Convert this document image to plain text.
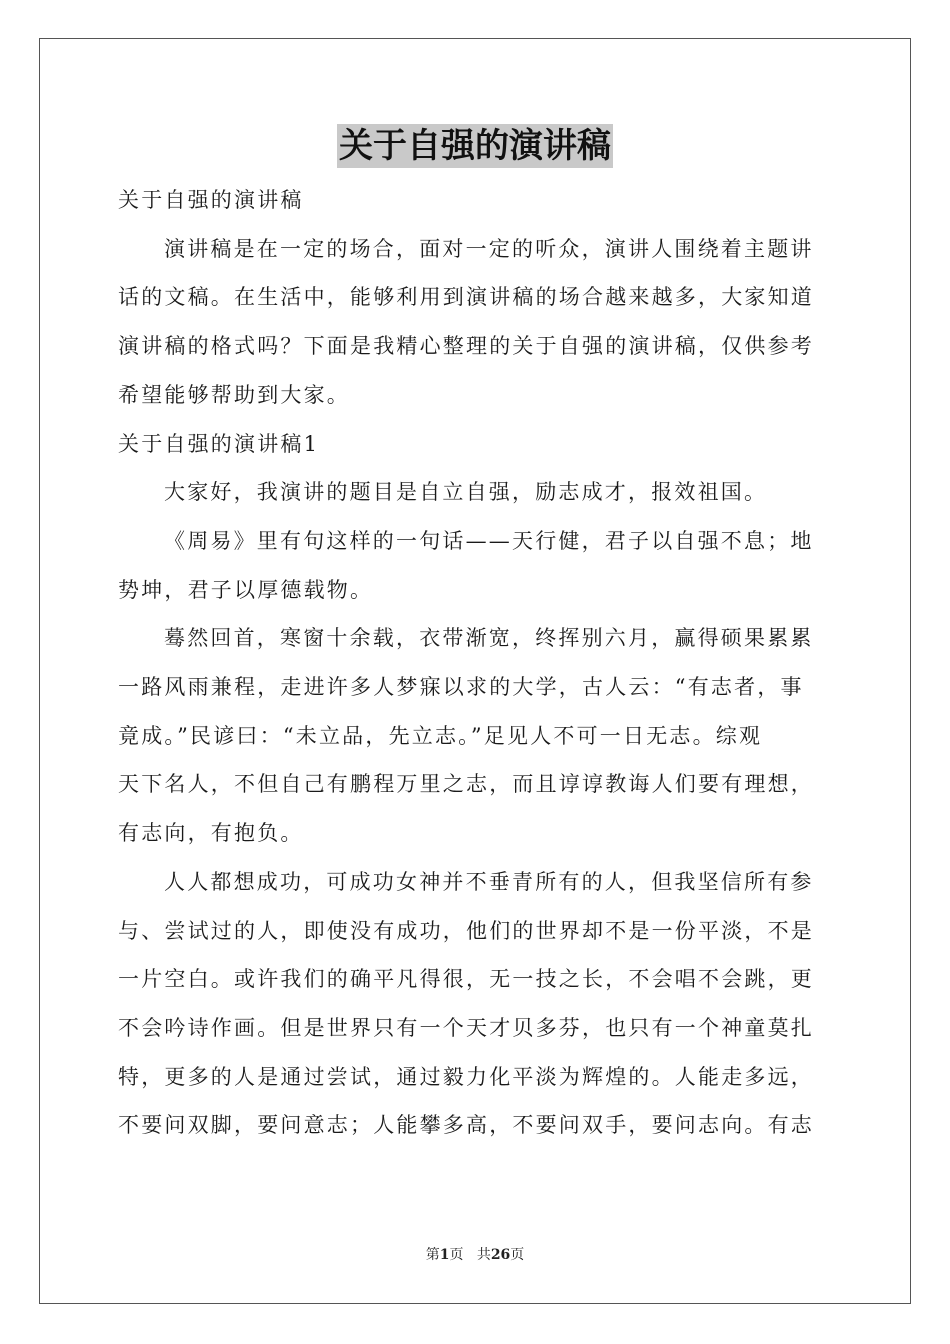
关于自强的演讲稿
关于自强的演讲稿
演讲稿是在一定的场合，面对一定的听众，演讲人围绕着主题讲
话的文稿。在生活中，能够利用到演讲稿的场合越来越多，大家知道
演讲稿的格式吗？下面是我精心整理的关于自强的演讲稿，仅供参考
希望能够帮助到大家。
关于自强的演讲稿1
大家好，我演讲的题目是自立自强，励志成才，报效祖国。
《周易》里有句这样的一句话——天行健，君子以自强不息；地
势坤，君子以厚德载物。
蓦然回首，寒窗十余载，衣带渐宽，终挥别六月，赢得硕果累累
一路风雨兼程，走进许多人梦寐以求的大学，古人云：“有志者，事
竟成。”民谚曰：“未立品，先立志。”足见人不可一日无志。综观
天下名人，不但自己有鹏程万里之志，而且谆谆教诲人们要有理想，
有志向，有抱负。
人人都想成功，可成功女神并不垂青所有的人，但我坚信所有参
与、尝试过的人，即使没有成功，他们的世界却不是一份平淡，不是
一片空白。或许我们的确平凡得很，无一技之长，不会唱不会跳，更
不会吟诗作画。但是世界只有一个天才贝多芬，也只有一个神童莫扎
特，更多的人是通过尝试，通过毅力化平淡为辉煌的。人能走多远，
不要问双脚，要问意志；人能攀多高，不要问双手，要问志向。有志
第1页 共26页
